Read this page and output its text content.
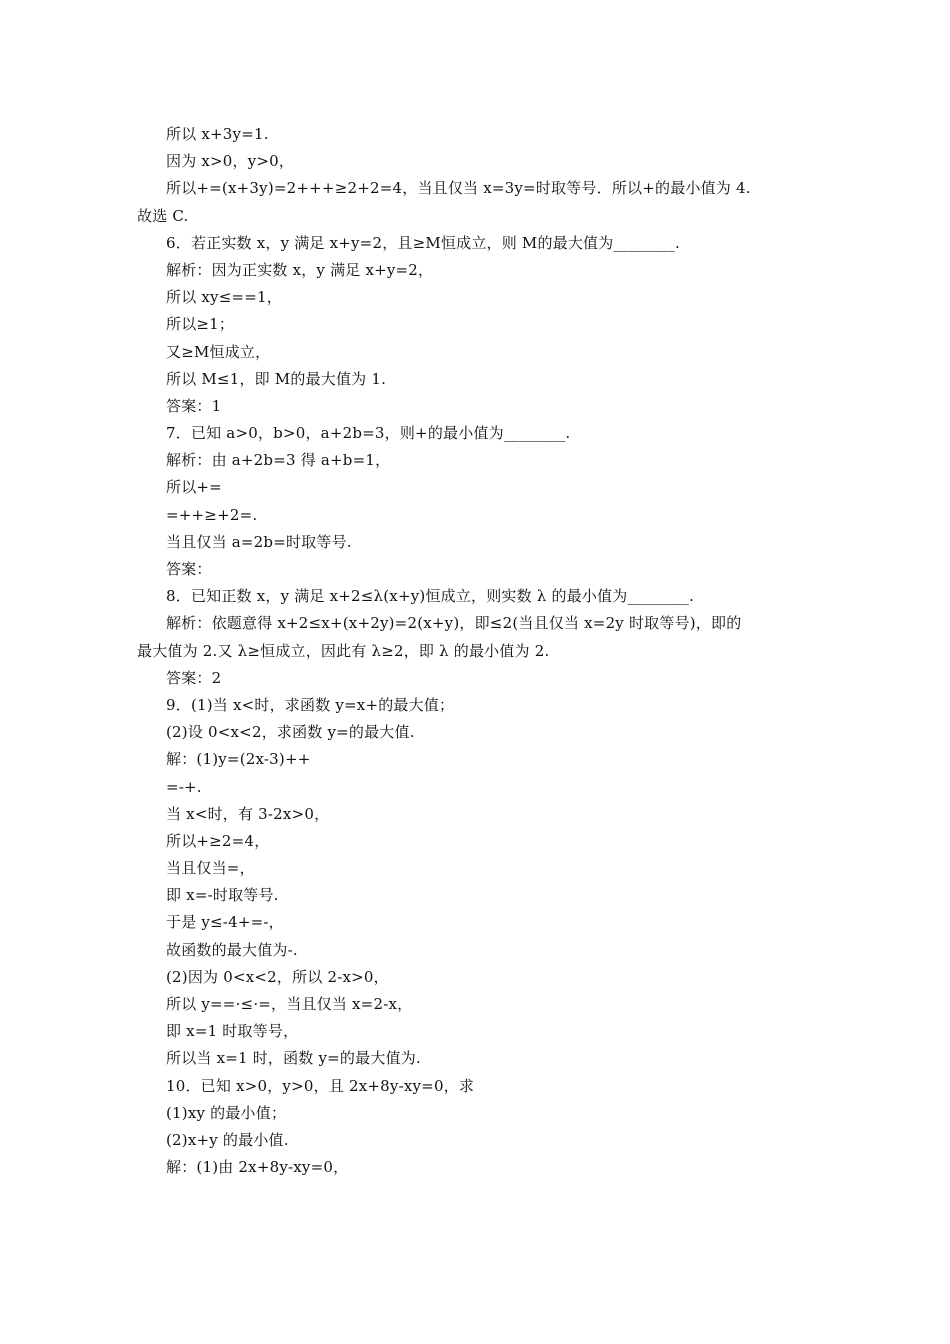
所以 x+3y=1.
因为 x>0，y>0，
所以+=(x+3y)=2+++≥2+2=4，当且仅当 x=3y=时取等号．所以+的最小值为 4.
故选 C.
6．若正实数 x，y 满足 x+y=2，且≥M恒成立，则 M的最大值为________.
解析：因为正实数 x，y 满足 x+y=2，
所以 xy≤==1，
所以≥1；
又≥M恒成立，
所以 M≤1，即 M的最大值为 1.
答案：1
7．已知 a>0，b>0，a+2b=3，则+的最小值为________.
解析：由 a+2b=3 得 a+b=1，
所以+=
=++≥+2=.
当且仅当 a=2b=时取等号.
答案：
8．已知正数 x，y 满足 x+2≤λ(x+y)恒成立，则实数 λ 的最小值为________.
解析：依题意得 x+2≤x+(x+2y)=2(x+y)，即≤2(当且仅当 x=2y 时取等号)，即的
最大值为 2.又 λ≥恒成立，因此有 λ≥2，即 λ 的最小值为 2.
答案：2
9．(1)当 x<时，求函数 y=x+的最大值；
(2)设 0<x<2，求函数 y=的最大值.
解：(1)y=(2x-3)++
=-+.
当 x<时，有 3-2x>0，
所以+≥2=4，
当且仅当=，
即 x=-时取等号.
于是 y≤-4+=-，
故函数的最大值为-.
(2)因为 0<x<2，所以 2-x>0，
所以 y==·≤·=，当且仅当 x=2-x，
即 x=1 时取等号，
所以当 x=1 时，函数 y=的最大值为.
10．已知 x>0，y>0，且 2x+8y-xy=0，求
(1)xy 的最小值；
(2)x+y 的最小值.
解：(1)由 2x+8y-xy=0，
